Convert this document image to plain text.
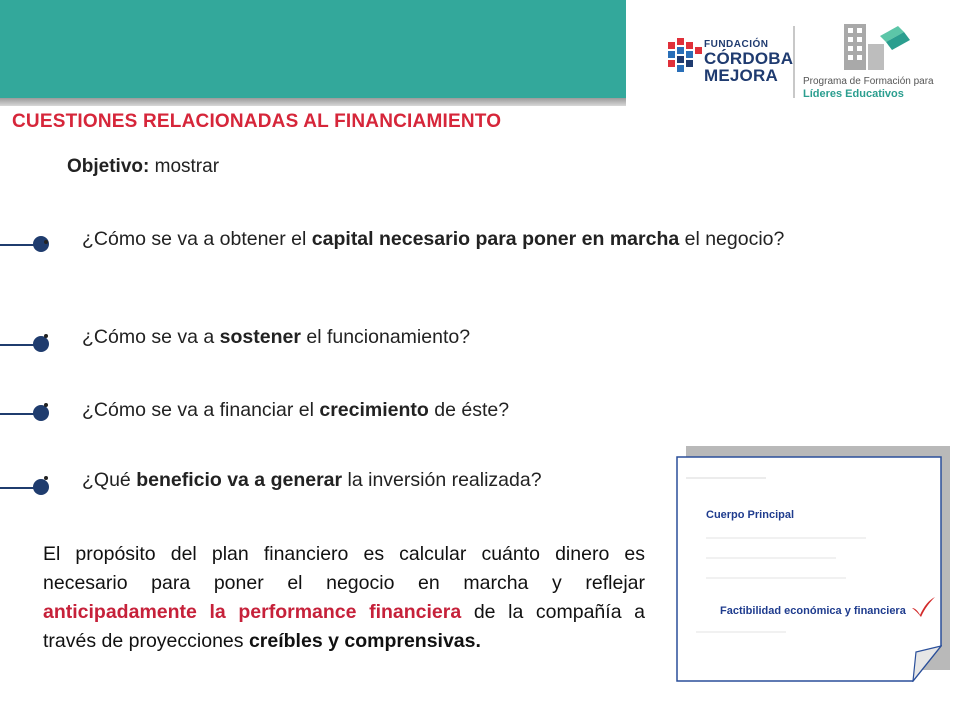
FUNDACIÓN
CÓRDOBA
MEJORA	Programa de Formación para
Líderes Educativos
CUESTIONES RELACIONADAS AL FINANCIAMIENTO
Objetivo: mostrar
¿Cómo se va a obtener el capital necesario para poner en marcha el negocio?
¿Cómo se va a sostener el funcionamiento?
¿Cómo se va a financiar el crecimiento de éste?
¿Qué beneficio va a generar la inversión realizada?
El propósito del plan financiero es calcular cuánto dinero es necesario para poner el negocio en marcha y reflejar anticipadamente la performance financiera de la compañía a través de proyecciones creíbles y comprensivas.
Cuerpo Principal
Factibilidad económica y financiera
